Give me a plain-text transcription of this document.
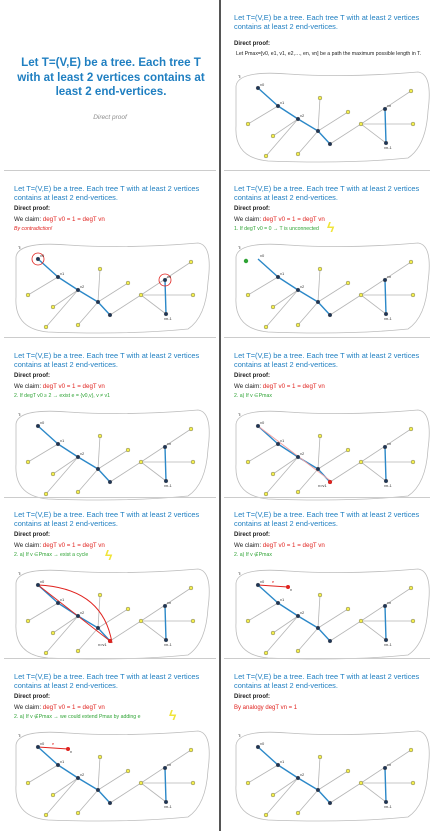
Let T=(V,E) be a tree. Each tree T with at least 2 vertices contains at least 2 end-vertices.
Direct proof
Let T=(V,E) be a tree. Each tree T with at least 2 vertices contains at least 2 end-vertices.
Direct proof:
Let Pmax=[v0, e1, v1, e2,…, en, vn] be a path the maximum possible length in T.
T:
v0
v1
v2
vn
vn-1
Let T=(V,E) be a tree. Each tree T with at least 2 vertices contains at least 2 end-vertices.
Direct proof:
We claim: degT v0 = 1 = degT vn
By contradiction!
T:
v0
v1
v2
vn
vn-1
Let T=(V,E) be a tree. Each tree T with at least 2 vertices contains at least 2 end-vertices.
Direct proof:
We claim: degT v0 = 1 = degT vn
1. If degT v0 = 0 → T is unconnected ϟ
T:
v0
v1
v2
vn
vn-1
Let T=(V,E) be a tree. Each tree T with at least 2 vertices contains at least 2 end-vertices.
Direct proof:
We claim: degT v0 = 1 = degT vn
2. If degT v0 ≥ 2 → exist e = {v0,v}, v ≠ v1
T:
v0
v1
v2
vn
vn-1
Let T=(V,E) be a tree. Each tree T with at least 2 vertices contains at least 2 end-vertices.
Direct proof:
We claim: degT v0 = 1 = degT vn
2. a) If v ∈Pmax
T:
v=v1
v0
v1
v2
vn
vn-1
Let T=(V,E) be a tree. Each tree T with at least 2 vertices contains at least 2 end-vertices.
Direct proof:
We claim: degT v0 = 1 = degT vn
2. a) If v ∈Pmax → exist a cycle ϟ
T:
v=v1
v0
v1
v2
vn
vn-1
Let T=(V,E) be a tree. Each tree T with at least 2 vertices contains at least 2 end-vertices.
Direct proof:
We claim: degT v0 = 1 = degT vn
2. a) If v ∉Pmax
T:
e
v
v0
v1
v2
vn
vn-1
Let T=(V,E) be a tree. Each tree T with at least 2 vertices contains at least 2 end-vertices.
Direct proof:
We claim: degT v0 = 1 = degT vn
2. a) If v ∉Pmax → we could extend Pmax by adding e ϟ
T:
e
v
v0
v1
v2
vn
vn-1
Let T=(V,E) be a tree. Each tree T with at least 2 vertices contains at least 2 end-vertices.
Direct proof:
By analogy degT vn = 1
T:
v0
v1
v2
vn
vn-1
